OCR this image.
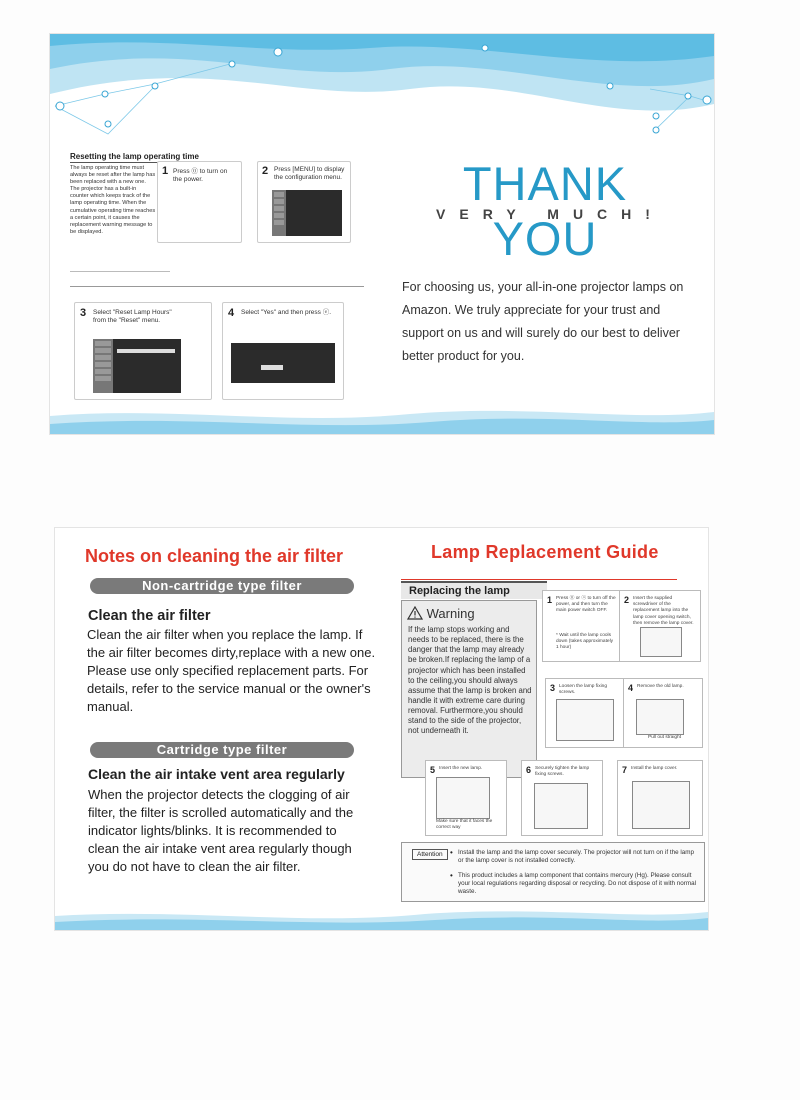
Resetting the lamp operating time
The lamp operating time must always be reset after the lamp has been replaced with a new one. The projector has a built-in counter which keeps track of the lamp operating time. When the cumulative operating time reaches a certain point, it causes the replacement warning message to be displayed.
1 Press ⓪ to turn on the power.
2 Press [MENU] to display the configuration menu.
3 Select "Reset Lamp Hours" from the "Reset" menu.
4 Select "Yes" and then press ⓔ.
THANK YOU
VERY MUCH!
For choosing us, your all-in-one projector lamps on Amazon. We truly appreciate for your trust and support on us and will surely do our best to deliver better product for you.
Notes on cleaning the air filter
Non-cartridge type filter
Clean the air filter
Clean the air filter when you replace the lamp. If the air filter becomes dirty,replace with a new one. Please use only specified replacement parts. For details, refer to the service manual or the owner's manual.
Cartridge type filter
Clean the air intake vent area regularly
When the projector detects the clogging of air filter, the filter is scrolled automatically and the indicator lights/blinks. It is recommended to clean the air intake vent area regularly though you do not have to clean the air filter.
Lamp Replacement Guide
Replacing the lamp
Warning
If the lamp stops working and needs to be replaced, there is the danger that the lamp may already be broken.If replacing the lamp of a projector which has been installed to the ceiling,you should always assume that the lamp is broken and handle it with extreme care during removal. Furthermore,you should stand to the side of the projector, not underneath it.
1 Press ⓪ or ⓞ to turn off the power, and then turn the main power switch OFF.
* Wait until the lamp cools down (takes approximately 1 hour)
2 Insert the supplied screwdriver of the replacement lamp into the lamp cover opening switch, then remove the lamp cover.
3 Loosen the lamp fixing screws.	4 Remove the old lamp.
Pull out straight
5 Insert the new lamp.
Make sure that it faces the correct way
6 Securely tighten the lamp fixing screws.	7 Install the lamp cover.
Attention • Install the lamp and the lamp cover securely. The projector will not turn on if the lamp or the lamp cover is not installed correctly.
• This product includes a lamp component that contains mercury (Hg). Please consult your local regulations regarding disposal or recycling. Do not dispose of it with normal waste.
